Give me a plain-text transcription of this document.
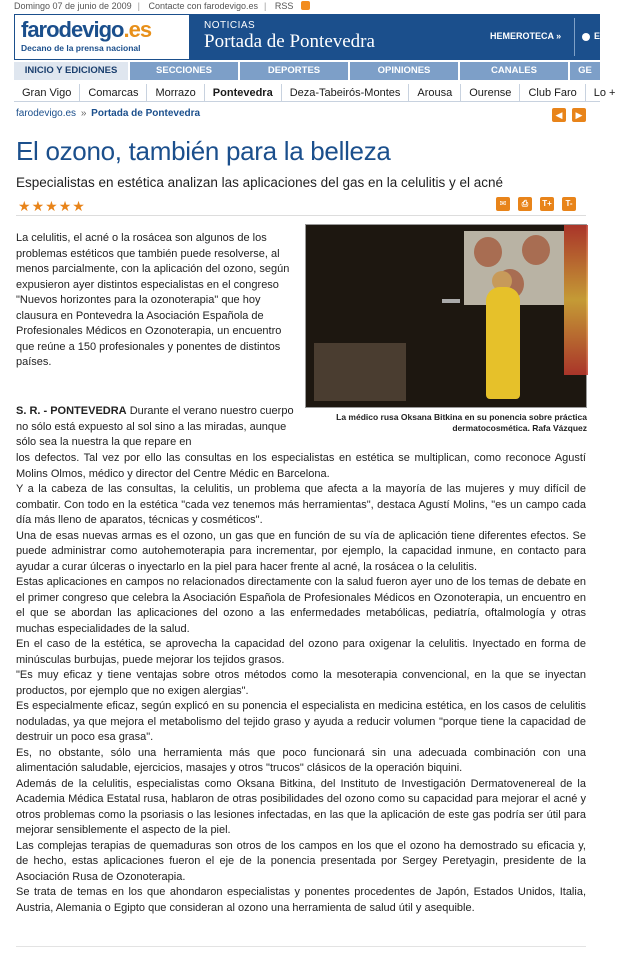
Domingo 07 de junio de 2009 | Contacte con farodevigo.es | RSS
farodevigo.es
Decano de la prensa nacional
NOTICIAS
Portada de Pontevedra	HEMEROTECA »	EN
INICIO Y EDICIONES	SECCIONES	DEPORTES	OPINIONES	CANALES	GE
Gran Vigo	Comarcas	Morrazo	Pontevedra	Deza-Tabeirós-Montes	Arousa	Ourense	Club Faro	Lo +
farodevigo.es » Portada de Pontevedra	◀	▶
El ozono, también para la belleza
Especialistas en estética analizan las aplicaciones del gas en la celulitis y el acné
★ ★ ★ ★ ★	✉	⎙	T+	T-
La celulitis, el acné o la rosácea son algunos de los problemas estéticos que también puede resolverse, al menos parcialmente, con la aplicación del ozono, según expusieron ayer distintos especialistas en el congreso "Nuevos horizontes para la ozonoterapia" que hoy clausura en Pontevedra la Asociación Española de Profesionales Médicos en Ozonoterapia, un encuentro que reúne a 150 profesionales y ponentes de distintos países.
La médico rusa Oksana Bitkina en su ponencia sobre práctica dermatocosmética. Rafa Vázquez
S. R. - PONTEVEDRA Durante el verano nuestro cuerpo no sólo está expuesto al sol sino a las miradas, aunque sólo sea la nuestra la que repare en

los defectos. Tal vez por ello las consultas en los especialistas en estética se multiplican, como reconoce Agustí Molins Olmos, médico y director del Centre Médic en Barcelona.

Y a la cabeza de las consultas, la celulitis, un problema que afecta a la mayoría de las mujeres y muy difícil de combatir. Con todo en la estética "cada vez tenemos más herramientas", destaca Agustí Molins, "es un campo cada día más lleno de aparatos, técnicas y cosméticos".

Una de esas nuevas armas es el ozono, un gas que en función de su vía de aplicación tiene diferentes efectos. Se puede administrar como autohemoterapia para incrementar, por ejemplo, la capacidad inmune, en contacto para ayudar a curar úlceras o inyectarlo en la piel para hacer frente al acné, la rosácea o la celulitis.

Estas aplicaciones en campos no relacionados directamente con la salud fueron ayer uno de los temas de debate en el primer congreso que celebra la Asociación Española de Profesionales Médicos en Ozonoterapia, un encuentro en el que se abordan las aplicaciones del ozono a las enfermedades metabólicas, pediatría, oftalmología y otras muchas especialidades de la salud.

En el caso de la estética, se aprovecha la capacidad del ozono para oxigenar la celulitis. Inyectado en forma de minúsculas burbujas, puede mejorar los tejidos grasos.

"Es muy eficaz y tiene ventajas sobre otros métodos como la mesoterapia convencional, en la que se inyectan productos, por ejemplo que no exigen alergias".

Es especialmente eficaz, según explicó en su ponencia el especialista en medicina estética, en los casos de celulitis noduladas, ya que mejora el metabolismo del tejido graso y ayuda a reducir volumen "porque tiene la capacidad de destruir un poco esa grasa".

Es, no obstante, sólo una herramienta más que poco funcionará sin una adecuada combinación con una alimentación saludable, ejercicios, masajes y otros "trucos" clásicos de la operación biquini.

Además de la celulitis, especialistas como Oksana Bitkina, del Instituto de Investigación Dermatovenereal de la Academia Médica Estatal rusa, hablaron de otras posibilidades del ozono como su capacidad para mejorar el acné y otros problemas como la psoriasis o las lesiones infectadas, en las que la aplicación de este gas podría ser útil para mejorar sensiblemente el aspecto de la piel.

Las complejas terapias de quemaduras son otros de los campos en los que el ozono ha demostrado su eficacia y, de hecho, estas aplicaciones fueron el eje de la ponencia presentada por Sergey Peretyagin, presidente de la Asociación Rusa de Ozonoterapia.

Se trata de temas en los que ahondaron especialistas y ponentes procedentes de Japón, Estados Unidos, Italia, Austria, Alemania o Egipto que consideran al ozono una herramienta de salud útil y asequible.
